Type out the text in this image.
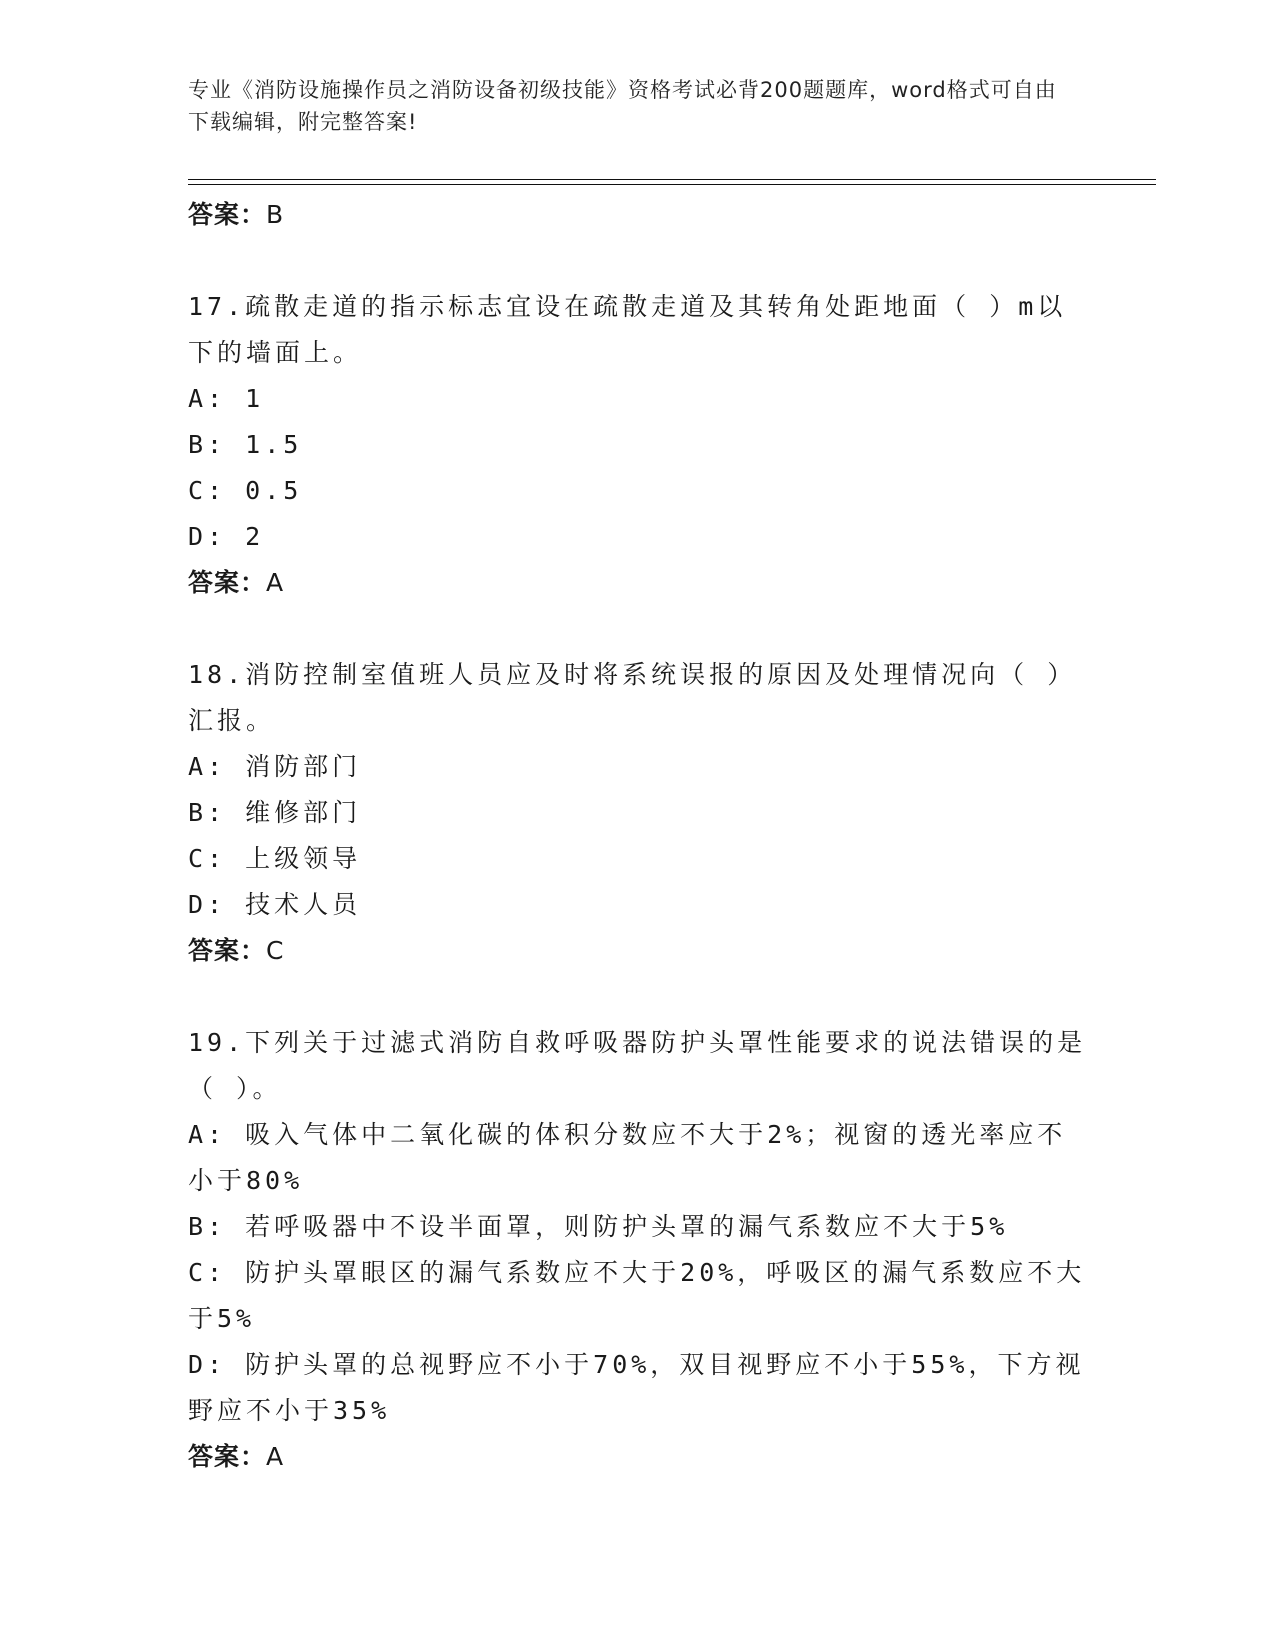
专业《消防设施操作员之消防设备初级技能》资格考试必背200题题库，word格式可自由下载编辑，附完整答案!
答案：B
17.疏散走道的指示标志宜设在疏散走道及其转角处距地面（ ）m以下的墙面上。
A: 1
B: 1.5
C: 0.5
D: 2
答案：A
18.消防控制室值班人员应及时将系统误报的原因及处理情况向（ ）汇报。
A: 消防部门
B: 维修部门
C: 上级领导
D: 技术人员
答案：C
19.下列关于过滤式消防自救呼吸器防护头罩性能要求的说法错误的是（ ）。
A: 吸入气体中二氧化碳的体积分数应不大于2%；视窗的透光率应不小于80%
B: 若呼吸器中不设半面罩，则防护头罩的漏气系数应不大于5%
C: 防护头罩眼区的漏气系数应不大于20%，呼吸区的漏气系数应不大于5%
D: 防护头罩的总视野应不小于70%，双目视野应不小于55%，下方视野应不小于35%
答案：A
